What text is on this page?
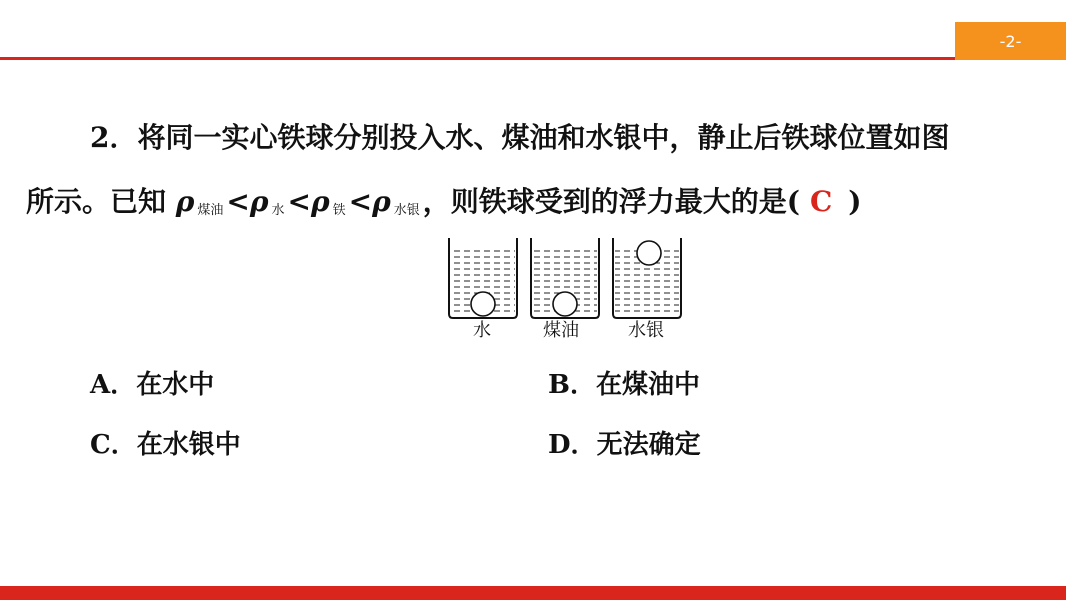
-2-
2．将同一实心铁球分别投入水、煤油和水银中，静止后铁球位置如图
所示。已知 ρ $_{煤油}$ <ρ $_水$ <ρ $_铁$ <ρ $_{水银}$ ，则铁球受到的浮力最大的是( C )
水	煤油	水银
A．在水中	B．在煤油中
C．在水银中	D．无法确定
